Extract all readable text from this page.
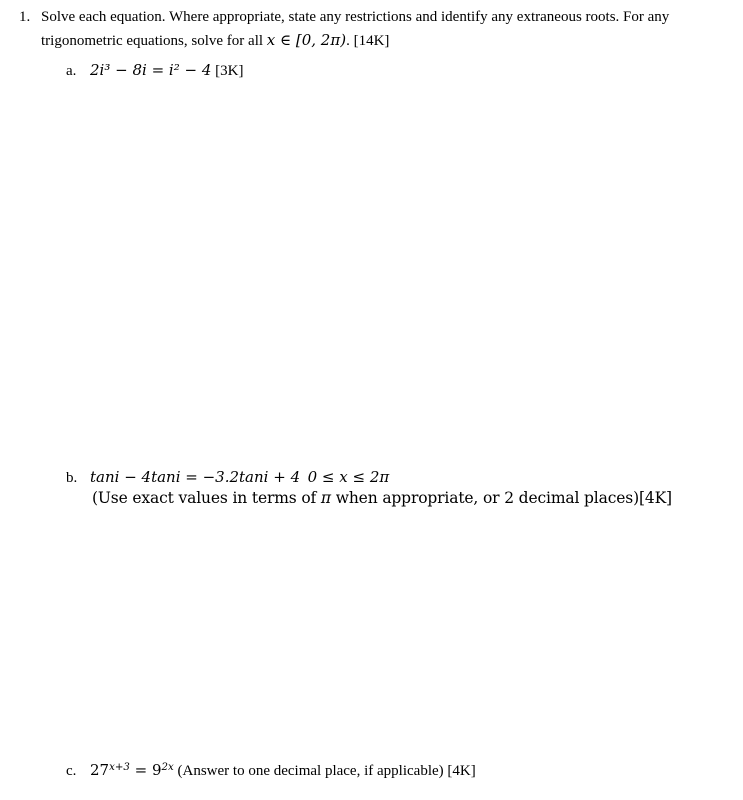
1. Solve each equation. Where appropriate, state any restrictions and identify any extraneous roots. For any
trigonometric equations, solve for all x ∈ [0, 2π). [14K]
a. 2i³ − 8i = i² − 4 [3K]
b. tani − 4tani = −3.2tani + 4 0 ≤ x ≤ 2π
(Use exact values in terms of π when appropriate, or 2 decimal places)[4K]
c. $27^{x+3} = 9^{2x}$ (Answer to one decimal place, if applicable) [4K]
